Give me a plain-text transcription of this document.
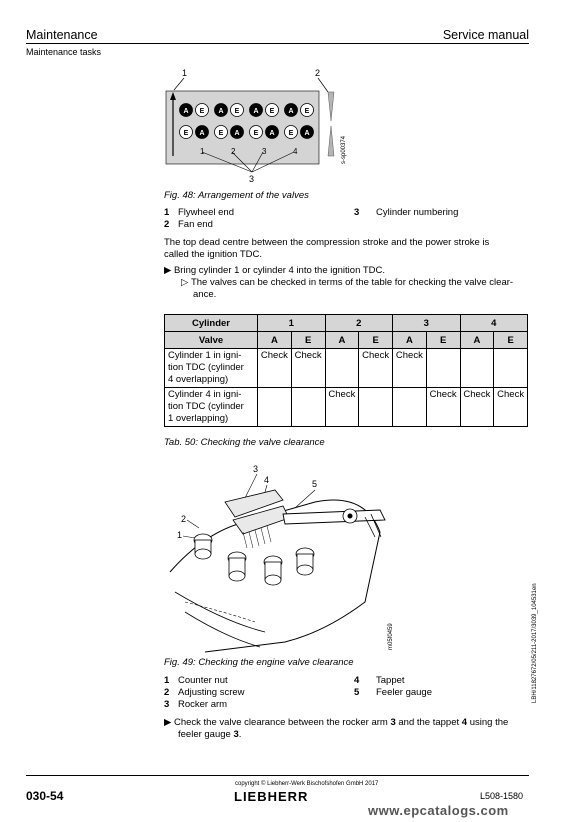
Maintenance	Service manual
Maintenance tasks
1	2
A E A E A E A E
E A E A E A E A
1	2	3	4
3
s-sp00374
Fig. 48: Arrangement of the valves
1 Flywheel end
2 Fan end
3 Cylinder numbering
The top dead centre between the compression stroke and the power stroke is
called the ignition TDC.
▶ Bring cylinder 1 or cylinder 4 into the ignition TDC.
▷ The valves can be checked in terms of the table for checking the valve clear-
ance.
Cylinder	1		2		3		4	
Valve	A	E	A	E	A	E	A	E

Cylinder 1 in igni-
tion TDC (cylinder
4 overlapping)	Check	Check		Check	Check			

Cylinder 4 in igni-
tion TDC (cylinder
1 overlapping)			Check			Check	Check	Check
Tab. 50: Checking the valve clearance
3
4	5
2
1
m05f0459
Fig. 49: Checking the engine valve clearance
1 Counter nut
2 Adjusting screw
3 Rocker arm
4 Tappet
5 Feeler gauge
▶ Check the valve clearance between the rocker arm 3 and the tappet 4 using the
feeler gauge 3.
LBH/11827672/05/211-2017/3039_104531en
030-54
copyright © Liebherr-Werk Bischofshofen GmbH 2017
LIEBHERR	L508-1580
www.epcatalogs.com
